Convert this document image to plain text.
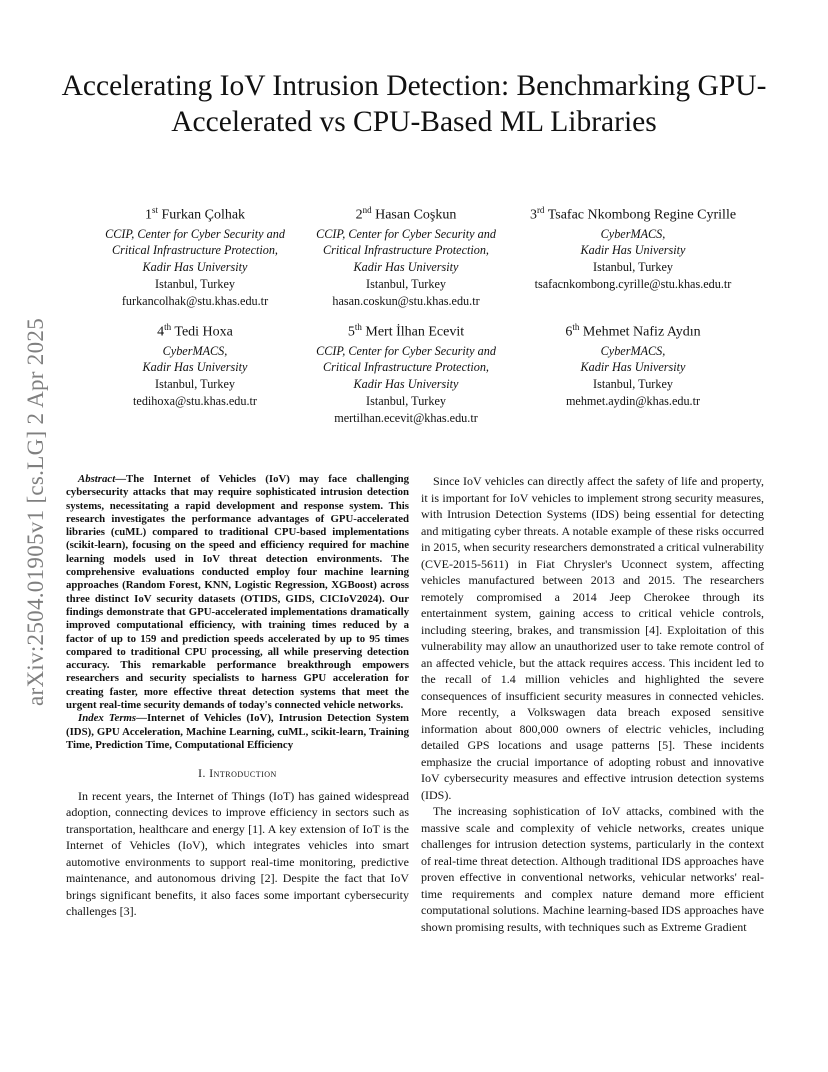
arXiv:2504.01905v1 [cs.LG] 2 Apr 2025
Accelerating IoV Intrusion Detection: Benchmarking GPU-Accelerated vs CPU-Based ML Libraries
1st Furkan Çolhak
CCIP, Center for Cyber Security and
Critical Infrastructure Protection,
Kadir Has University
Istanbul, Turkey
furkancolhak@stu.khas.edu.tr
2nd Hasan Coşkun
CCIP, Center for Cyber Security and
Critical Infrastructure Protection,
Kadir Has University
Istanbul, Turkey
hasan.coskun@stu.khas.edu.tr
3rd Tsafac Nkombong Regine Cyrille
CyberMACS,
Kadir Has University
Istanbul, Turkey
tsafacnkombong.cyrille@stu.khas.edu.tr
4th Tedi Hoxa
CyberMACS,
Kadir Has University
Istanbul, Turkey
tedihoxa@stu.khas.edu.tr
5th Mert İlhan Ecevit
CCIP, Center for Cyber Security and
Critical Infrastructure Protection,
Kadir Has University
Istanbul, Turkey
mertilhan.ecevit@khas.edu.tr
6th Mehmet Nafiz Aydın
CyberMACS,
Kadir Has University
Istanbul, Turkey
mehmet.aydin@khas.edu.tr

Abstract—The Internet of Vehicles (IoV) may face challenging cybersecurity attacks that may require sophisticated intrusion detection systems, necessitating a rapid development and response system. This research investigates the performance advantages of GPU-accelerated libraries (cuML) compared to traditional CPU-based implementations (scikit-learn), focusing on the speed and efficiency required for machine learning models used in IoV threat detection environments. The comprehensive evaluations conducted employ four machine learning approaches (Random Forest, KNN, Logistic Regression, XGBoost) across three distinct IoV security datasets (OTIDS, GIDS, CICIoV2024). Our findings demonstrate that GPU-accelerated implementations dramatically improved computational efficiency, with training times reduced by a factor of up to 159 and prediction speeds accelerated by up to 95 times compared to traditional CPU processing, all while preserving detection accuracy. This remarkable performance breakthrough empowers researchers and security specialists to harness GPU acceleration for creating faster, more effective threat detection systems that meet the urgent real-time security demands of today's connected vehicle networks.

Index Terms—Internet of Vehicles (IoV), Intrusion Detection System (IDS), GPU Acceleration, Machine Learning, cuML, scikit-learn, Training Time, Prediction Time, Computational Efficiency

I. Introduction

In recent years, the Internet of Things (IoT) has gained widespread adoption, connecting devices to improve efficiency in sectors such as transportation, healthcare and energy [1]. A key extension of IoT is the Internet of Vehicles (IoV), which integrates vehicles into smart automotive environments to support real-time monitoring, predictive maintenance, and autonomous driving [2]. Despite the fact that IoV brings significant benefits, it also faces some important cybersecurity challenges [3].

Since IoV vehicles can directly affect the safety of life and property, it is important for IoV vehicles to implement strong security measures, with Intrusion Detection Systems (IDS) being essential for detecting and mitigating cyber threats. A notable example of these risks occurred in 2015, when security researchers demonstrated a critical vulnerability (CVE-2015-5611) in Fiat Chrysler's Uconnect system, affecting vehicles manufactured between 2013 and 2015. The researchers remotely compromised a 2014 Jeep Cherokee through its entertainment system, gaining access to critical vehicle controls, including steering, brakes, and transmission [4]. Exploitation of this vulnerability may allow an unauthorized user to take remote control of an affected vehicle, but the attack requires access. This incident led to the recall of 1.4 million vehicles and highlighted the severe consequences of insufficient security measures in connected vehicles. More recently, a Volkswagen data breach exposed sensitive information about 800,000 owners of electric vehicles, including detailed GPS locations and usage patterns [5]. These incidents emphasize the crucial importance of adopting robust and innovative IoV cybersecurity measures and effective intrusion detection systems (IDS).

The increasing sophistication of IoV attacks, combined with the massive scale and complexity of vehicle networks, creates unique challenges for intrusion detection systems, particularly in the context of real-time threat detection. Although traditional IDS approaches have proven effective in conventional networks, vehicular networks' real-time requirements and complex nature demand more efficient computational solutions. Machine learning-based IDS approaches have shown promising results, with techniques such as Extreme Gradient
